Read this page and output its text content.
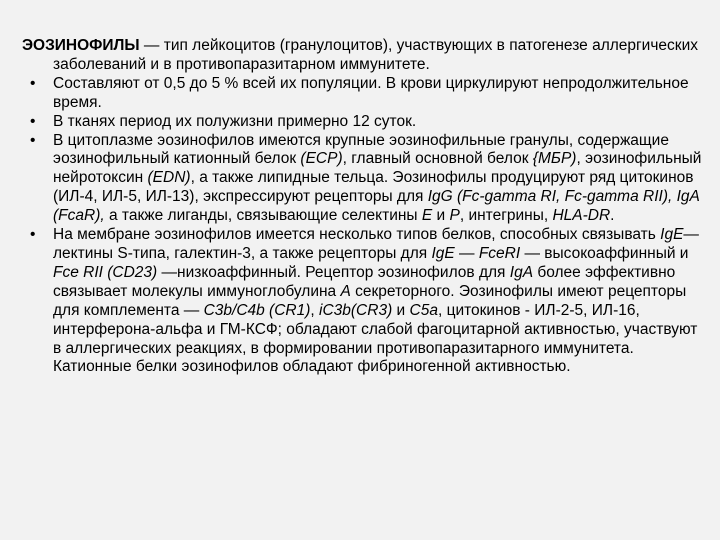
ЭОЗИНОФИЛЫ — тип лейкоцитов (гранулоцитов), участвующих в патогенезе аллергических заболеваний и в противопаразитарном иммунитете.

• Составляют от 0,5 до 5 % всей их популяции. В крови циркулируют непродолжительное время.
• В тканях период их полужизни примерно 12 суток.
• В цитоплазме эозинофилов имеются крупные эозинофильные гранулы, содержащие эозинофильный катионный белок (ECP), главный основной белок {МБР), эозинофильный нейротоксин (EDN), а также липидные тельца. Эозинофилы продуцируют ряд цитокинов (ИЛ-4, ИЛ-5, ИЛ-13), экспрессируют рецепторы для IgG (Fc-gamma RI, Fc-gamma RII), IgA (FcaR), а также лиганды, связывающие селектины E и P, интегрины, HLA-DR.
• На мембране эозинофилов имеется несколько типов белков, способных связывать IgE— лектины S-типа, галектин-3, а также рецепторы для IgE — FceRI — высокоаффинный и Fce RII (CD23) —низкоаффинный. Рецептор эозинофилов для IgA более эффективно связывает молекулы иммуноглобулина А секреторного. Эозинофилы имеют рецепторы для комплемента — C3b/C4b (CR1), iC3b(CR3) и C5a, цитокинов - ИЛ-2-5, ИЛ-16, интерферона-альфа и ГМ-КСФ; обладают слабой фагоцитарной активностью, участвуют в аллергических реакциях, в формировании противопаразитарного иммунитета. Катионные белки эозинофилов обладают фибриногенной активностью.
